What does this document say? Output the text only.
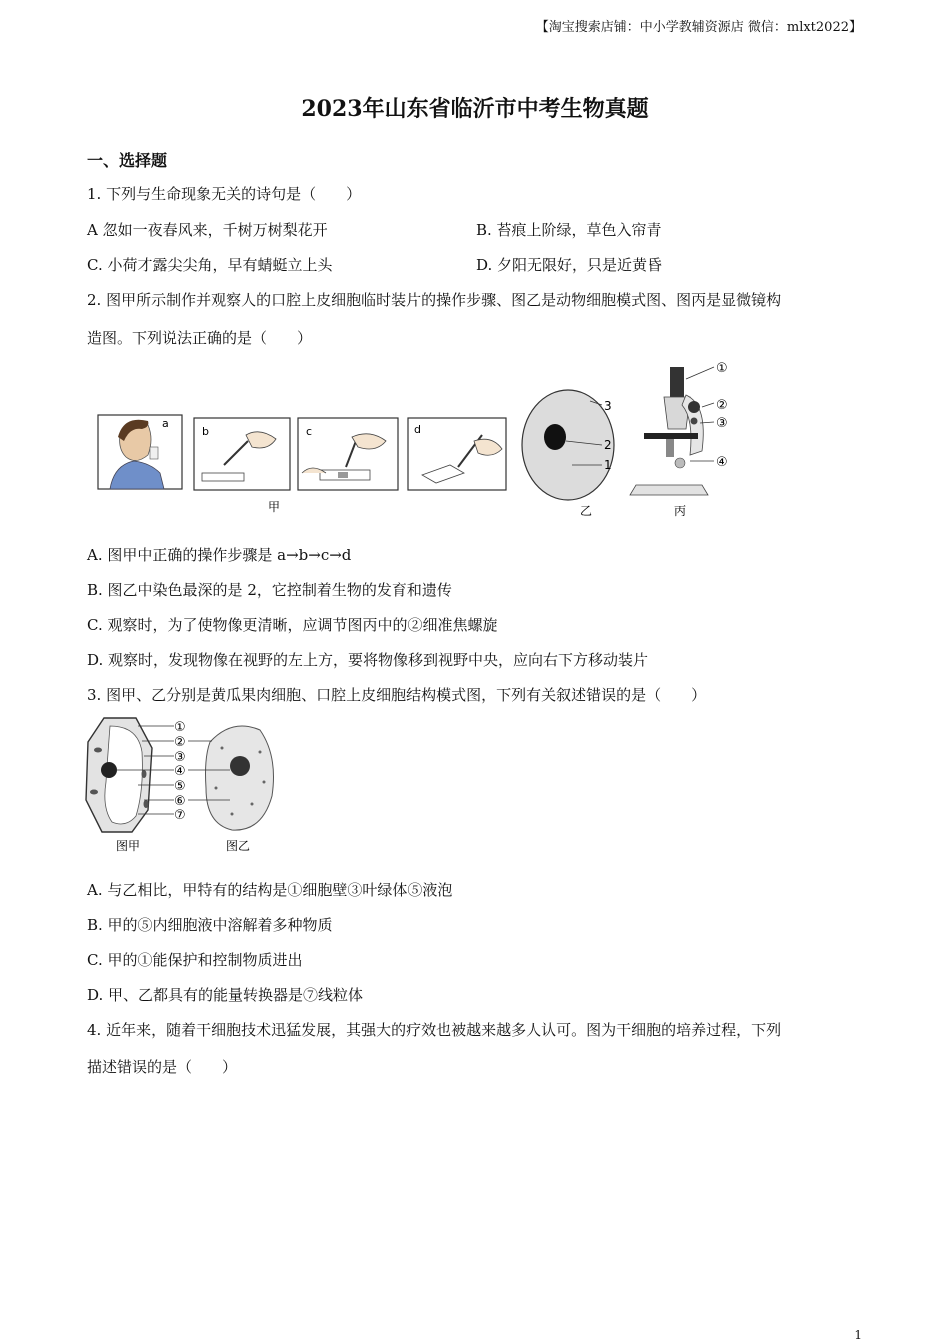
【淘宝搜索店铺：中小学教辅资源店 微信：mlxt2022】
2023年山东省临沂市中考生物真题
一、选择题
1. 下列与生命现象无关的诗句是（　　）
A 忽如一夜春风来，千树万树梨花开	B. 苔痕上阶绿，草色入帘青
C. 小荷才露尖尖角，早有蜻蜓立上头	D. 夕阳无限好，只是近黄昏
2. 图甲所示制作并观察人的口腔上皮细胞临时装片的操作步骤、图乙是动物细胞模式图、图丙是显微镜构
造图。下列说法正确的是（　　）
a
b	c	d
甲
3
2
1
乙
①
②
③
④
丙
A. 图甲中正确的操作步骤是 a→b→c→d
B. 图乙中染色最深的是 2，它控制着生物的发育和遗传
C. 观察时，为了使物像更清晰，应调节图丙中的②细准焦螺旋
D. 观察时，发现物像在视野的左上方，要将物像移到视野中央，应向右下方移动装片
3. 图甲、乙分别是黄瓜果肉细胞、口腔上皮细胞结构模式图，下列有关叙述错误的是（　　）
①
②
③
④
⑤
⑥
⑦
图甲	图乙
A. 与乙相比，甲特有的结构是①细胞壁③叶绿体⑤液泡
B. 甲的⑤内细胞液中溶解着多种物质
C. 甲的①能保护和控制物质进出
D. 甲、乙都具有的能量转换器是⑦线粒体
4. 近年来，随着干细胞技术迅猛发展，其强大的疗效也被越来越多人认可。图为干细胞的培养过程，下列
描述错误的是（　　）
1
